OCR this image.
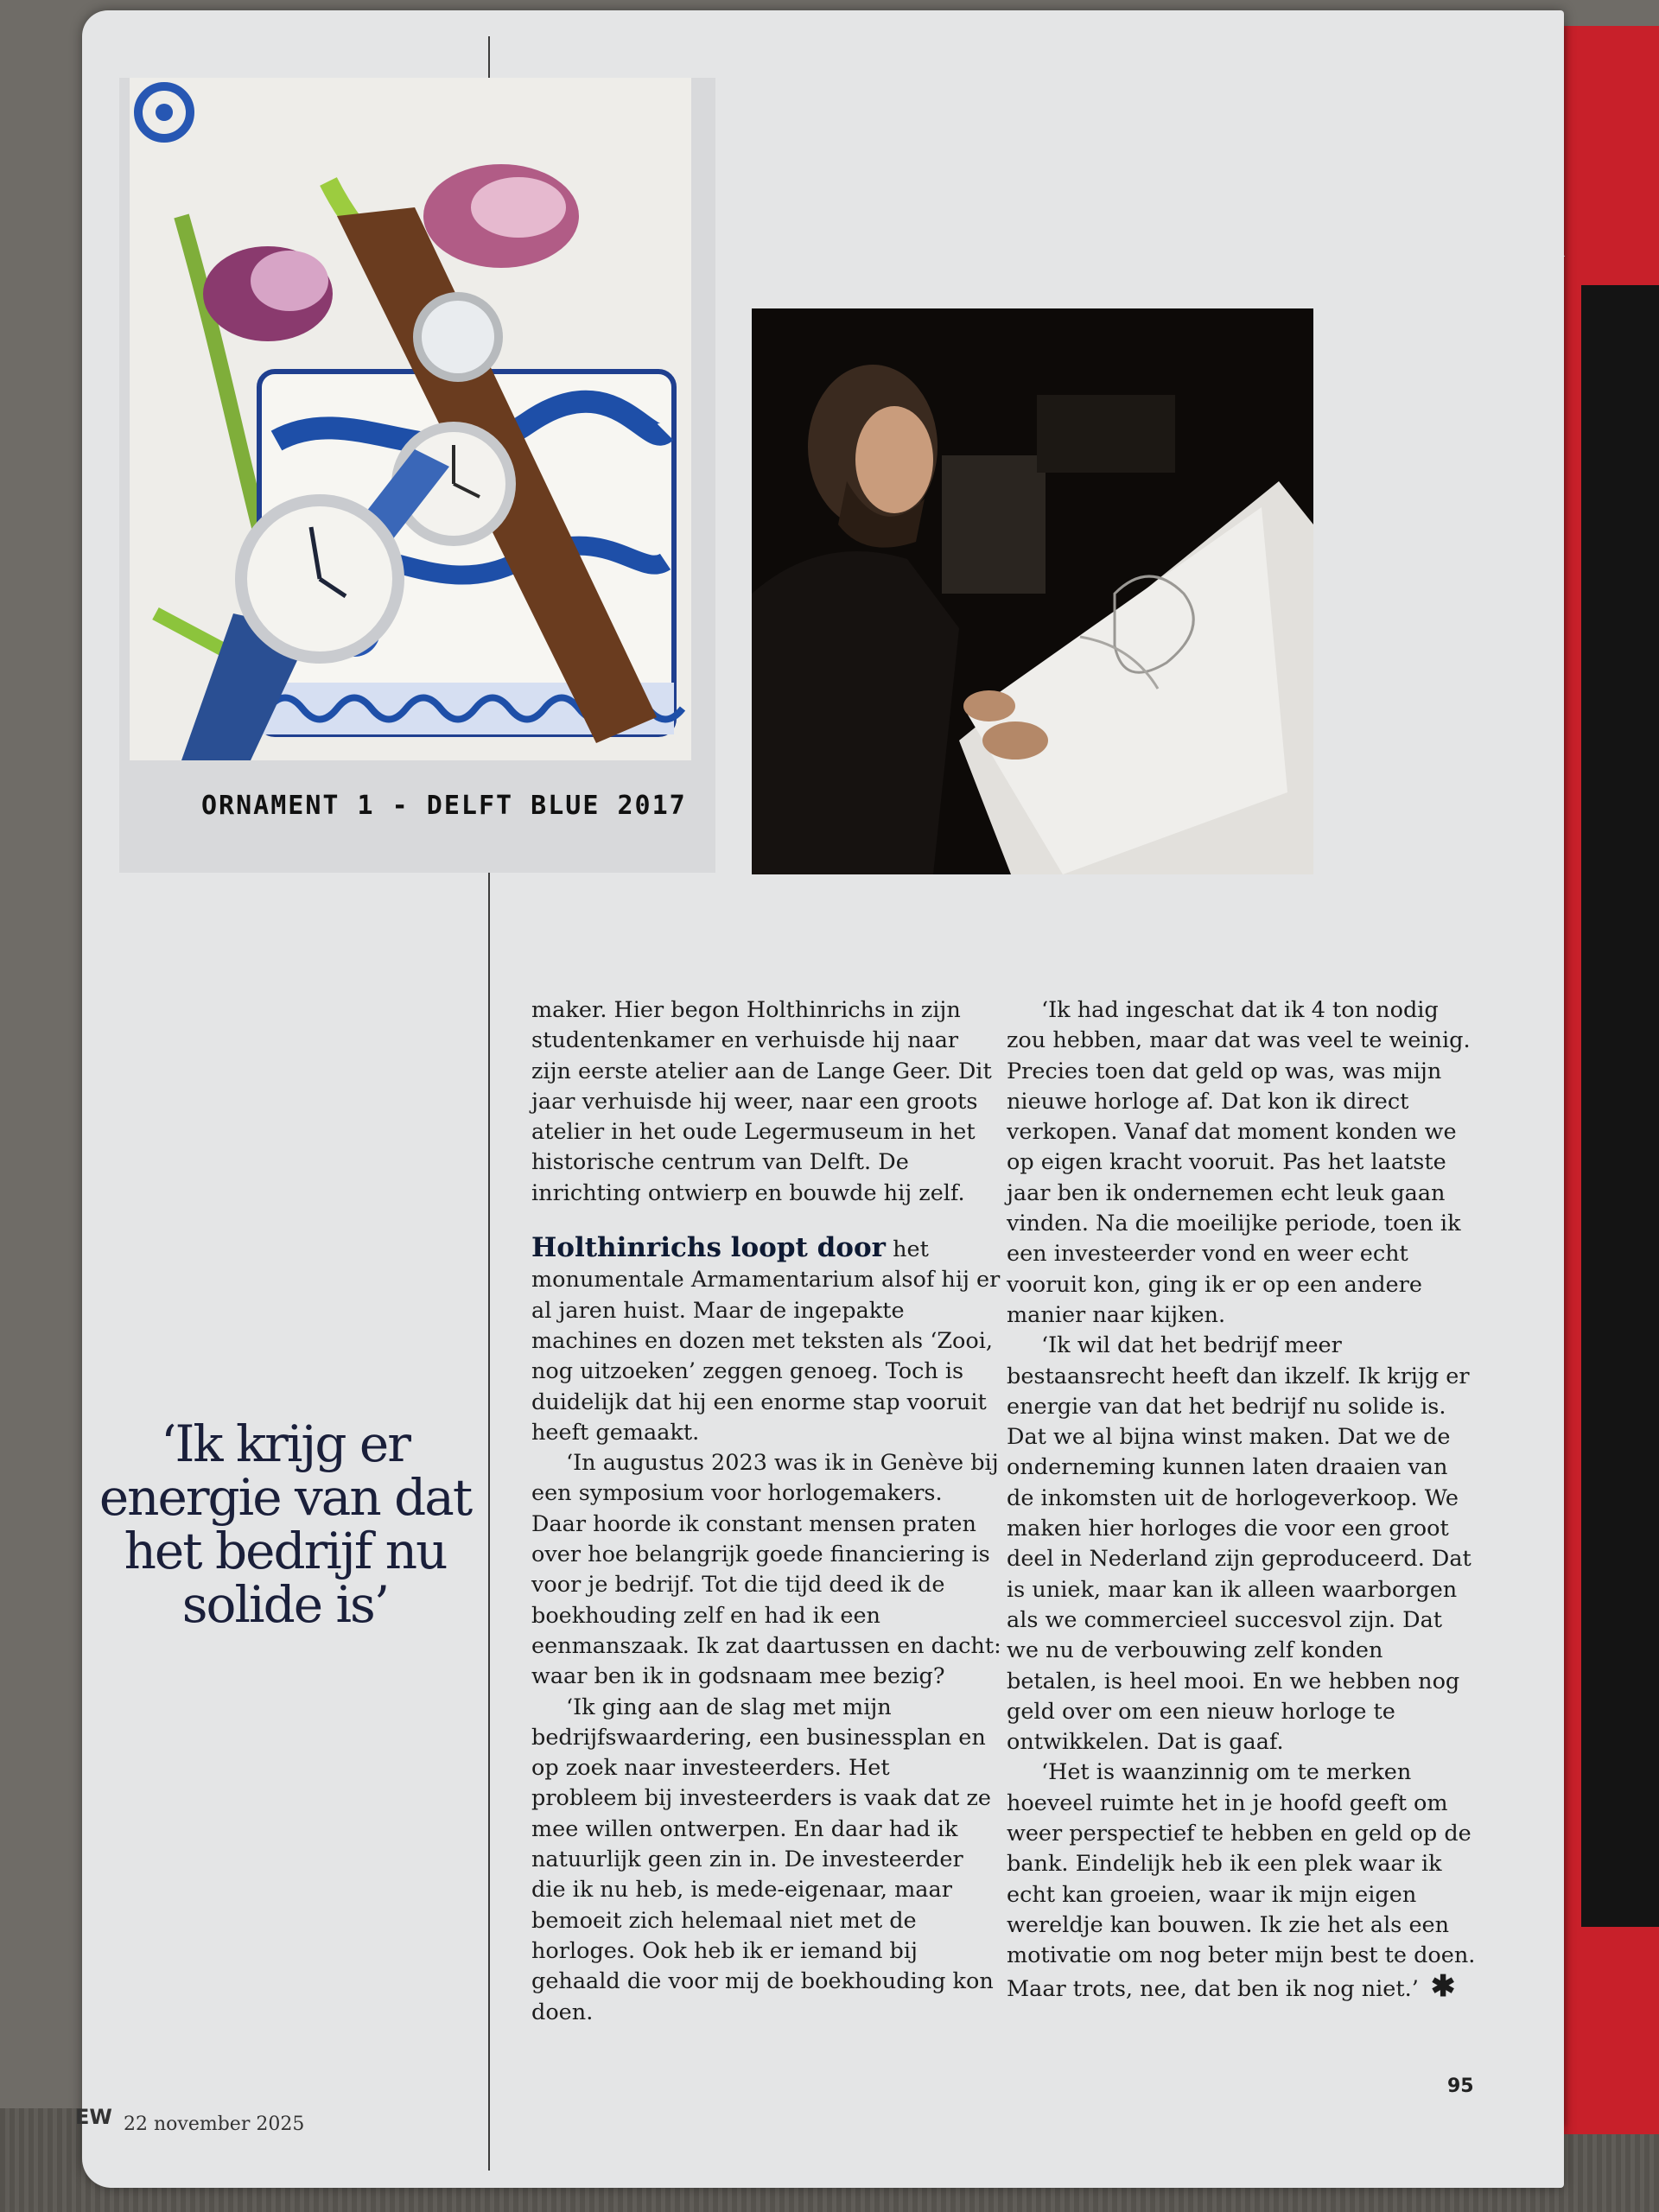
ORNAMENT 1 - DELFT BLUE 2017
‘Ik krijg er energie van dat het bedrijf nu solide is’

maker. Hier begon Holthinrichs in zijn studentenkamer en verhuisde hij naar zijn eerste atelier aan de Lange Geer. Dit jaar verhuisde hij weer, naar een groots atelier in het oude Legermuseum in het historische centrum van Delft. De inrichting ontwierp en bouwde hij zelf.

Holthinrichs loopt door het monumentale Armamentarium alsof hij er al jaren huist. Maar de ingepakte machines en dozen met teksten als ‘Zooi, nog uitzoeken’ zeggen genoeg. Toch is duidelijk dat hij een enorme stap vooruit heeft gemaakt.

‘In augustus 2023 was ik in Genève bij een symposium voor horlogemakers. Daar hoorde ik constant mensen praten over hoe belangrijk goede financiering is voor je bedrijf. Tot die tijd deed ik de boekhouding zelf en had ik een eenmanszaak. Ik zat daartussen en dacht: waar ben ik in godsnaam mee bezig?

‘Ik ging aan de slag met mijn bedrijfswaardering, een businessplan en op zoek naar investeerders. Het probleem bij investeerders is vaak dat ze mee willen ontwerpen. En daar had ik natuurlijk geen zin in. De investeerder die ik nu heb, is mede-eigenaar, maar bemoeit zich helemaal niet met de horloges. Ook heb ik er iemand bij gehaald die voor mij de boekhouding kon doen.

‘Ik had ingeschat dat ik 4 ton nodig zou hebben, maar dat was veel te weinig. Precies toen dat geld op was, was mijn nieuwe horloge af. Dat kon ik direct verkopen. Vanaf dat moment konden we op eigen kracht vooruit. Pas het laatste jaar ben ik ondernemen echt leuk gaan vinden. Na die moeilijke periode, toen ik een investeerder vond en weer echt vooruit kon, ging ik er op een andere manier naar kijken.

‘Ik wil dat het bedrijf meer bestaansrecht heeft dan ikzelf. Ik krijg er energie van dat het bedrijf nu solide is. Dat we al bijna winst maken. Dat we de onderneming kunnen laten draaien van de inkomsten uit de horlogeverkoop. We maken hier horloges die voor een groot deel in Nederland zijn geproduceerd. Dat is uniek, maar kan ik alleen waarborgen als we commercieel succesvol zijn. Dat we nu de verbouwing zelf konden betalen, is heel mooi. En we hebben nog geld over om een nieuw horloge te ontwikkelen. Dat is gaaf.

‘Het is waanzinnig om te merken hoeveel ruimte het in je hoofd geeft om weer perspectief te hebben en geld op de bank. Eindelijk heb ik een plek waar ik echt kan groeien, waar ik mijn eigen wereldje kan bouwen. Ik zie het als een motivatie om nog beter mijn best te doen. Maar trots, nee, dat ben ik nog niet.’ ✱

95
EW 22 november 2025
